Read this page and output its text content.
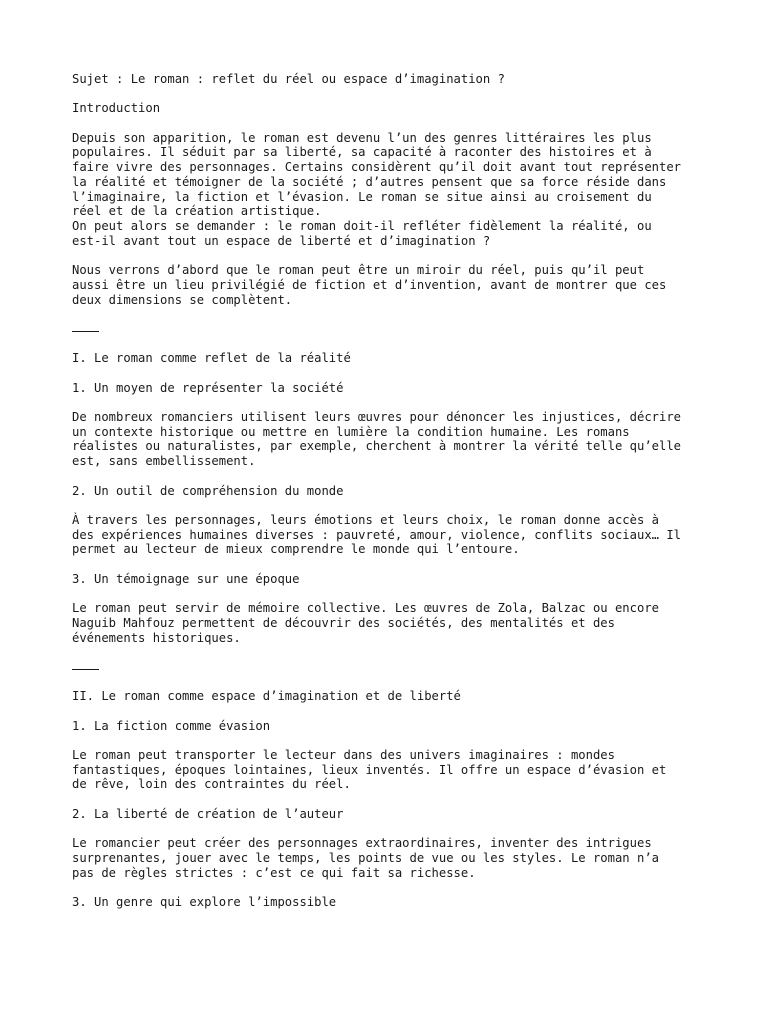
Sujet : Le roman : reflet du réel ou espace d’imagination ?

Introduction

Depuis son apparition, le roman est devenu l’un des genres littéraires les plus

populaires. Il séduit par sa liberté, sa capacité à raconter des histoires et à

faire vivre des personnages. Certains considèrent qu’il doit avant tout représenter

la réalité et témoigner de la société ; d’autres pensent que sa force réside dans

l’imaginaire, la fiction et l’évasion. Le roman se situe ainsi au croisement du

réel et de la création artistique.

On peut alors se demander : le roman doit-il refléter fidèlement la réalité, ou

est-il avant tout un espace de liberté et d’imagination ?

Nous verrons d’abord que le roman peut être un miroir du réel, puis qu’il peut

aussi être un lieu privilégié de fiction et d’invention, avant de montrer que ces

deux dimensions se complètent.

I. Le roman comme reflet de la réalité

1. Un moyen de représenter la société

De nombreux romanciers utilisent leurs œuvres pour dénoncer les injustices, décrire

un contexte historique ou mettre en lumière la condition humaine. Les romans

réalistes ou naturalistes, par exemple, cherchent à montrer la vérité telle qu’elle

est, sans embellissement.

2. Un outil de compréhension du monde

À travers les personnages, leurs émotions et leurs choix, le roman donne accès à

des expériences humaines diverses : pauvreté, amour, violence, conflits sociaux… Il

permet au lecteur de mieux comprendre le monde qui l’entoure.

3. Un témoignage sur une époque

Le roman peut servir de mémoire collective. Les œuvres de Zola, Balzac ou encore

Naguib Mahfouz permettent de découvrir des sociétés, des mentalités et des

événements historiques.

II. Le roman comme espace d’imagination et de liberté

1. La fiction comme évasion

Le roman peut transporter le lecteur dans des univers imaginaires : mondes

fantastiques, époques lointaines, lieux inventés. Il offre un espace d’évasion et

de rêve, loin des contraintes du réel.

2. La liberté de création de l’auteur

Le romancier peut créer des personnages extraordinaires, inventer des intrigues

surprenantes, jouer avec le temps, les points de vue ou les styles. Le roman n’a

pas de règles strictes : c’est ce qui fait sa richesse.

3. Un genre qui explore l’impossible
